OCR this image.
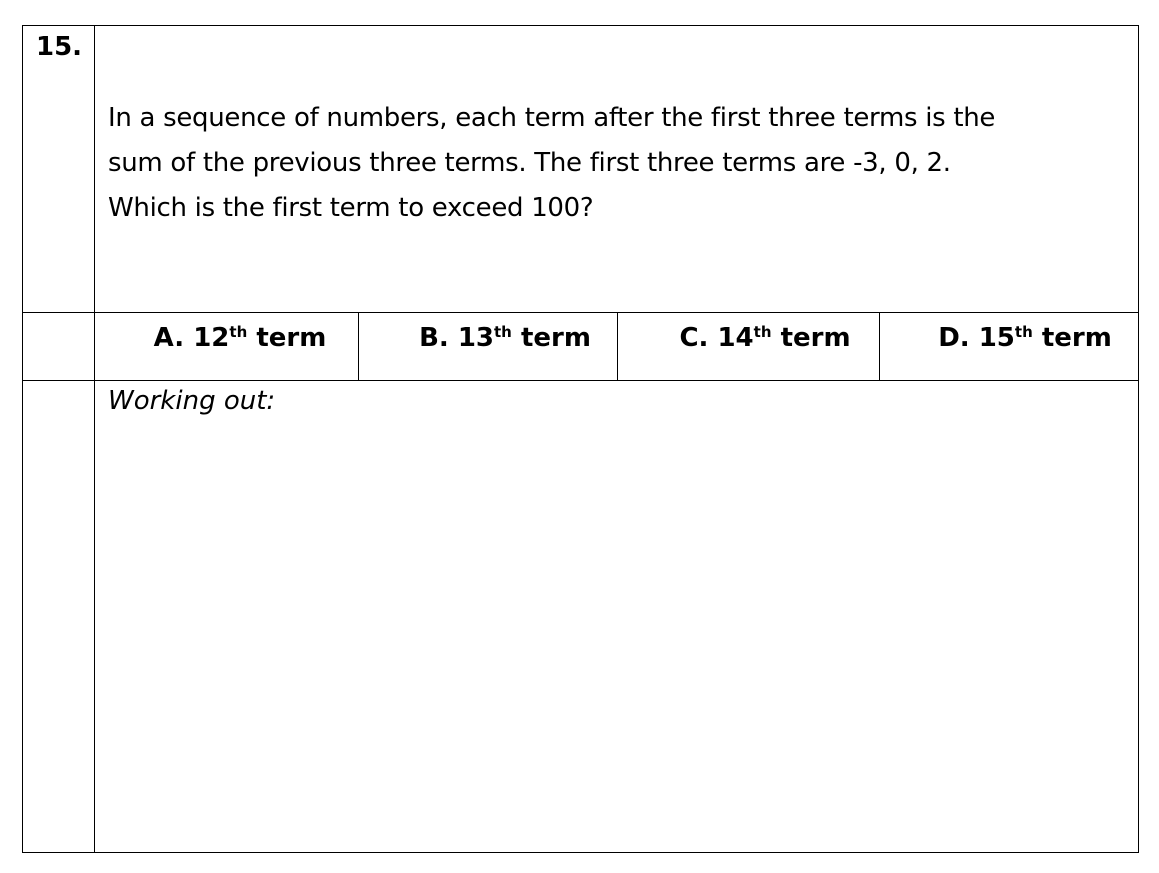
15.
In a sequence of numbers, each term after the first three terms is the
sum of the previous three terms. The first three terms are -3, 0, 2.
Which is the first term to exceed 100?
A. 12th term	B. 13th term	C. 14th term	D. 15th term
Working out:
